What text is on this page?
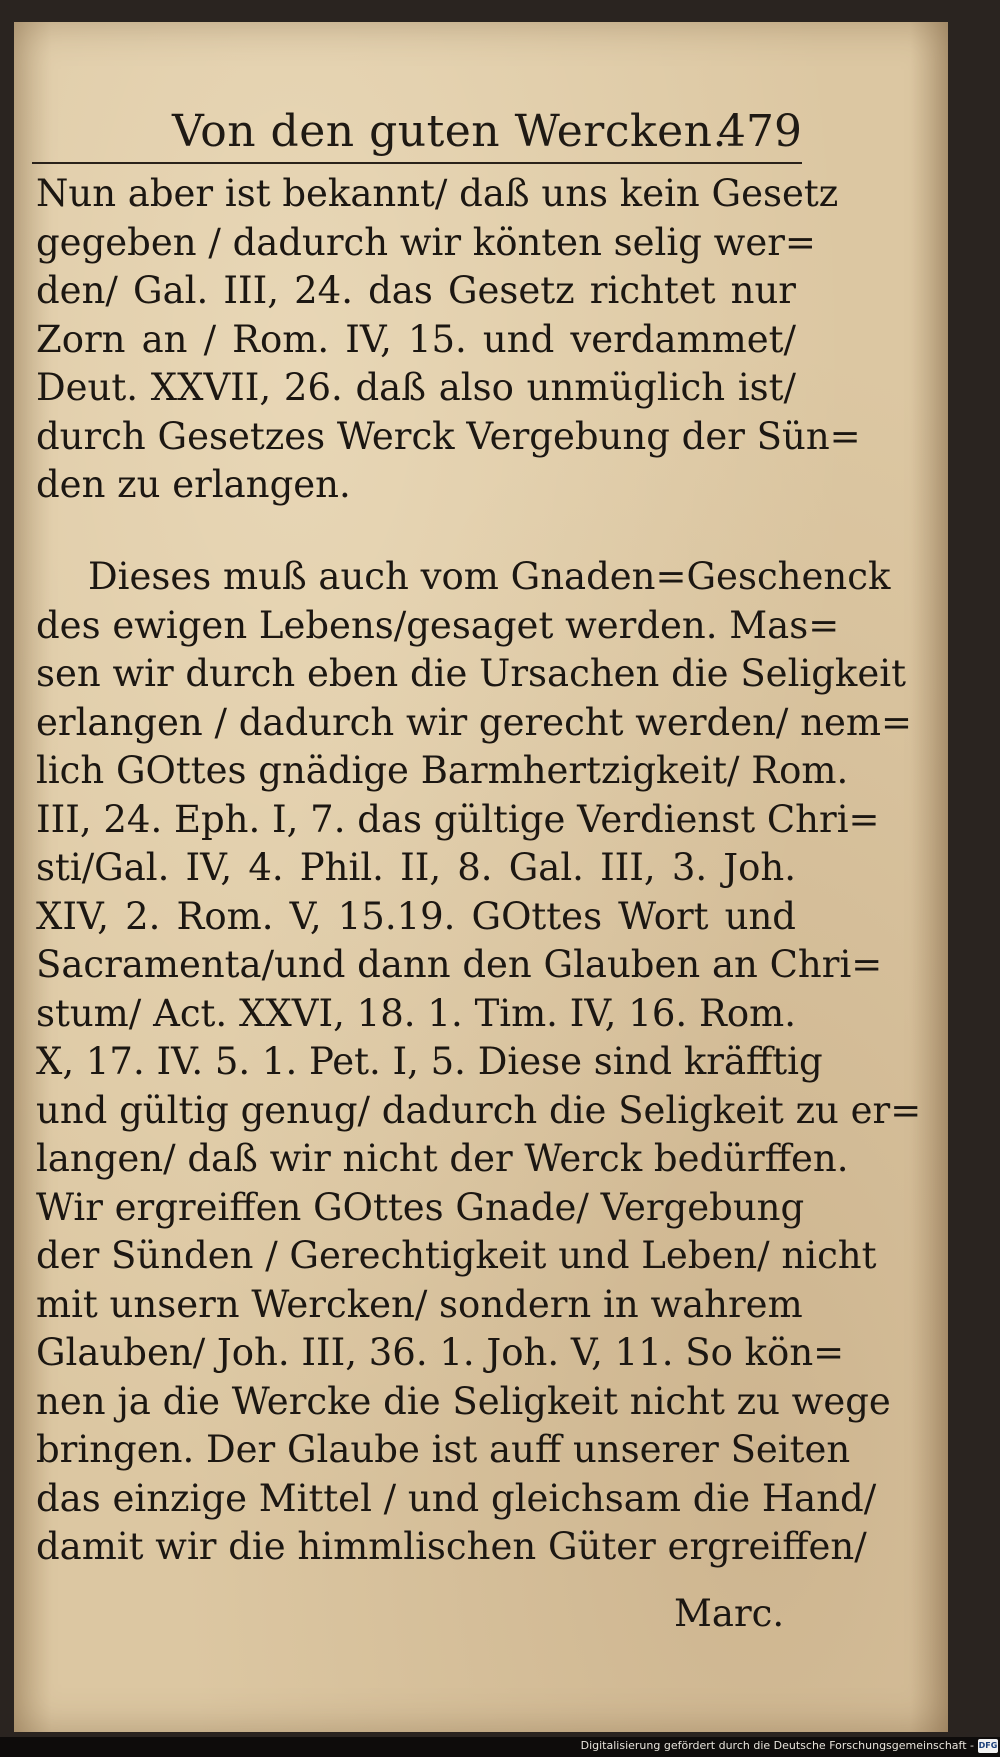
Von den guten Wercken.
479
Nun aber ist bekannt/ daß uns kein Gesetz
gegeben / dadurch wir könten selig wer=
den/ Gal. III, 24. das Gesetz richtet nur
Zorn an / Rom. IV, 15. und verdammet/
Deut. XXVII, 26. daß also unmüglich ist/
durch Gesetzes Werck Vergebung der Sün=
den zu erlangen.
Dieses muß auch vom Gnaden=Geschenck
des ewigen Lebens/gesaget werden. Mas=
sen wir durch eben die Ursachen die Seligkeit
erlangen / dadurch wir gerecht werden/ nem=
lich GOttes gnädige Barmhertzigkeit/ Rom.
III, 24. Eph. I, 7. das gültige Verdienst Chri=
sti/Gal. IV, 4. Phil. II, 8. Gal. III, 3. Joh.
XIV, 2. Rom. V, 15.19. GOttes Wort und
Sacramenta/und dann den Glauben an Chri=
stum/ Act. XXVI, 18. 1. Tim. IV, 16. Rom.
X, 17. IV. 5. 1. Pet. I, 5. Diese sind kräfftig
und gültig genug/ dadurch die Seligkeit zu er=
langen/ daß wir nicht der Werck bedürffen.
Wir ergreiffen GOttes Gnade/ Vergebung
der Sünden / Gerechtigkeit und Leben/ nicht
mit unsern Wercken/ sondern in wahrem
Glauben/ Joh. III, 36. 1. Joh. V, 11. So kön=
nen ja die Wercke die Seligkeit nicht zu wege
bringen. Der Glaube ist auff unserer Seiten
das einzige Mittel / und gleichsam die Hand/
damit wir die himmlischen Güter ergreiffen/
Marc.
Digitalisierung gefördert durch die Deutsche Forschungsgemeinschaft - DFG
